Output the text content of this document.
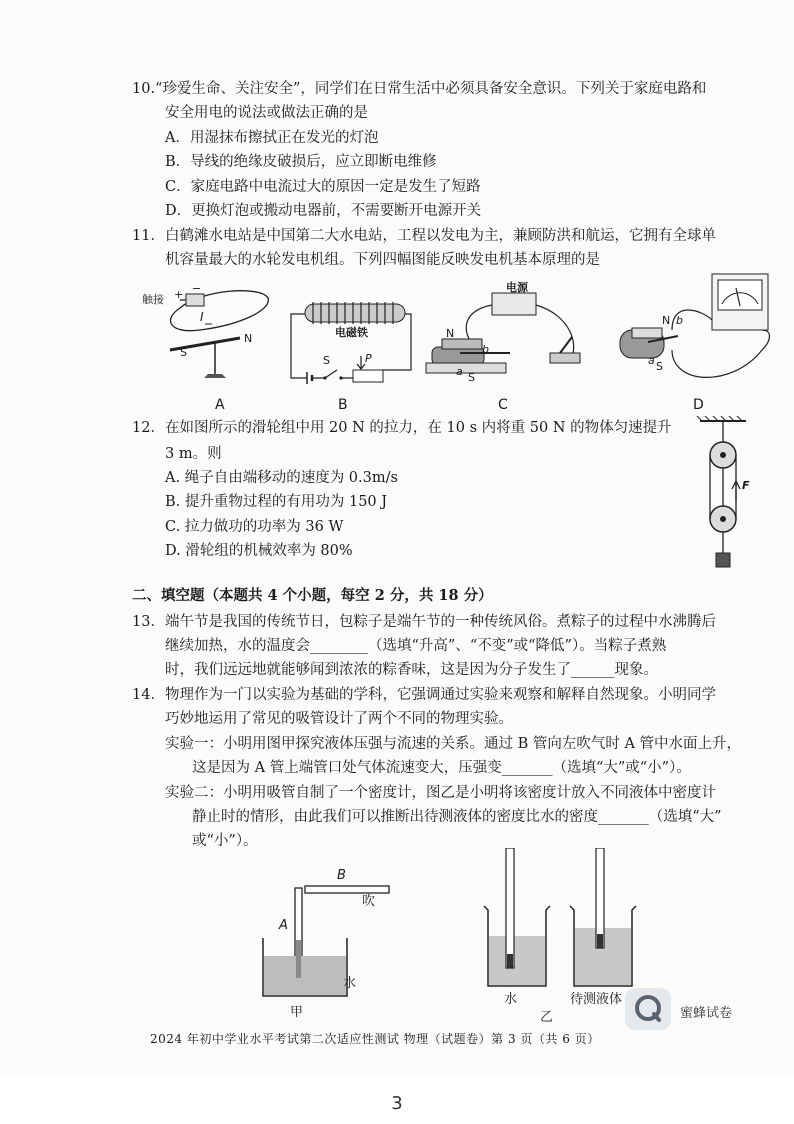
10.“珍爱生命、关注安全”，同学们在日常生活中必须具备安全意识。下列关于家庭电路和
安全用电的说法或做法正确的是
A．用湿抹布擦拭正在发光的灯泡
B．导线的绝缘皮破损后，应立即断电维修
C．家庭电路中电流过大的原因一定是发生了短路
D．更换灯泡或搬动电器前，不需要断开电源开关
11．白鹤滩水电站是中国第二大水电站，工程以发电为主，兼顾防洪和航运，它拥有全球单
机容量最大的水轮发电机组。下列四幅图能反映发电机基本原理的是
触接 + −
I
S
N
A
电磁铁
S	P
B
电源
N
b
a S
C
N b
a S
D
12．在如图所示的滑轮组中用 20 N 的拉力，在 10 s 内将重 50 N 的物体匀速提升
3 m。则
A. 绳子自由端移动的速度为 0.3m/s
B. 提升重物过程的有用功为 150 J
C. 拉力做功的功率为 36 W
D. 滑轮组的机械效率为 80%
F
二、填空题（本题共 4 个小题，每空 2 分，共 18 分）
13．端午节是我国的传统节日，包粽子是端午节的一种传统风俗。煮粽子的过程中水沸腾后
继续加热，水的温度会________（选填“升高”、“不变”或“降低”）。当粽子煮熟
时，我们远远地就能够闻到浓浓的粽香味，这是因为分子发生了______现象。
14．物理作为一门以实验为基础的学科，它强调通过实验来观察和解释自然现象。小明同学
巧妙地运用了常见的吸管设计了两个不同的物理实验。
实验一：小明用图甲探究液体压强与流速的关系。通过 B 管向左吹气时 A 管中水面上升，
这是因为 A 管上端管口处气体流速变大，压强变_______（选填“大”或“小”）。
实验二：小明用吸管自制了一个密度计，图乙是小明将该密度计放入不同液体中密度计
静止时的情形，由此我们可以推断出待测液体的密度比水的密度_______（选填“大”
或“小”）。
A
B
吹
水
甲
水	待测液体
乙	蜜蜂试卷
2024 年初中学业水平考试第二次适应性测试 物理（试题卷）第 3 页（共 6 页）
3
